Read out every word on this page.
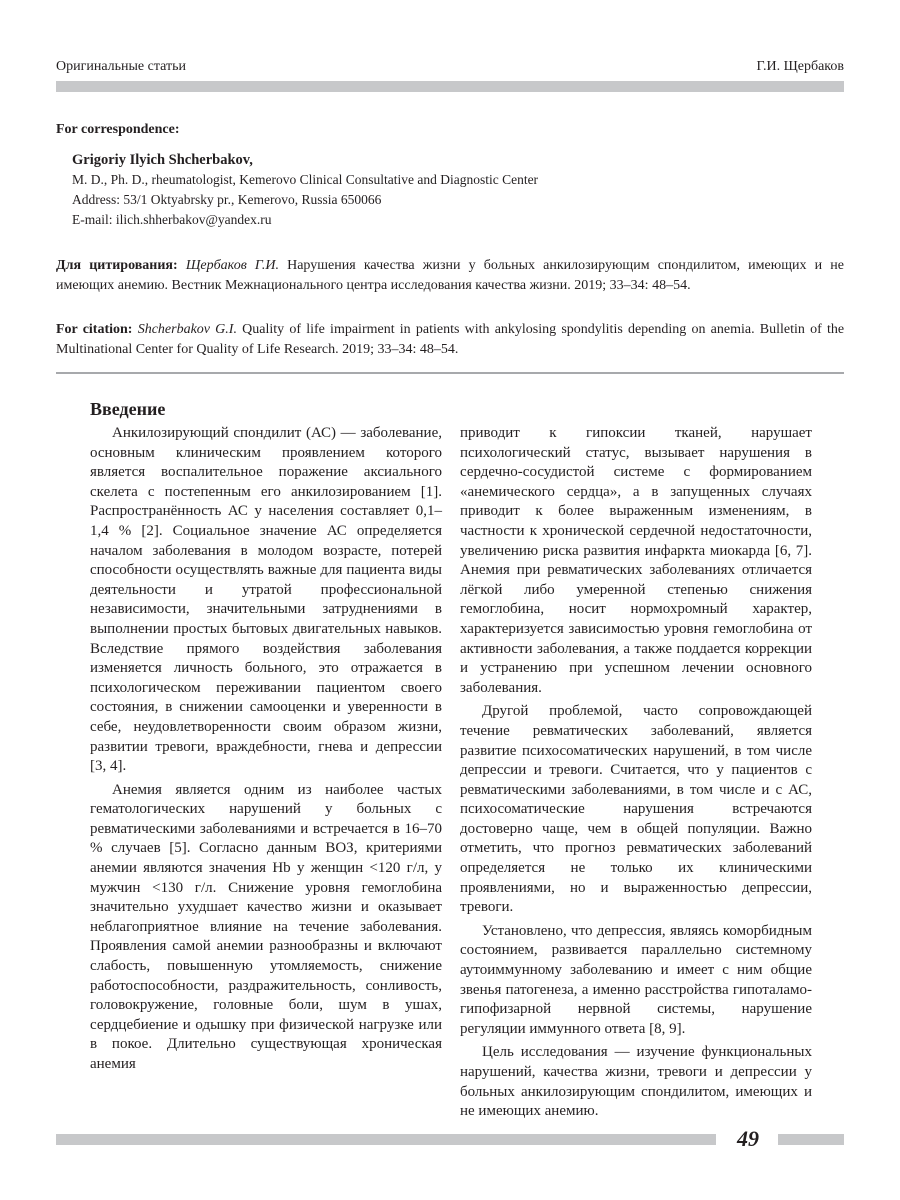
Оригинальные статьи	Г.И. Щербаков
For correspondence:
Grigoriy Ilyich Shcherbakov,
M. D., Ph. D., rheumatologist, Kemerovo Clinical Consultative and Diagnostic Center
Address: 53/1 Oktyabrsky pr., Kemerovo, Russia 650066
E-mail: ilich.shherbakov@yandex.ru
Для цитирования: Щербаков Г.И. Нарушения качества жизни у больных анкилозирующим спондилитом, имеющих и не имеющих анемию. Вестник Межнационального центра исследования качества жизни. 2019; 33–34: 48–54.
For citation: Shcherbakov G.I. Quality of life impairment in patients with ankylosing spondylitis depending on anemia. Bulletin of the Multinational Center for Quality of Life Research. 2019; 33–34: 48–54.

Введение

Анкилозирующий спондилит (АС) — заболевание, основным клиническим проявлением которого является воспалительное поражение аксиального скелета с постепенным его анкилозированием [1]. Распространённость АС у населения составляет 0,1–1,4 % [2]. Социальное значение АС определяется началом заболевания в молодом возрасте, потерей способности осуществлять важные для пациента виды деятельности и утратой профессиональной независимости, значительными затруднениями в выполнении простых бытовых двигательных навыков. Вследствие прямого воздействия заболевания изменяется личность больного, это отражается в психологическом переживании пациентом своего состояния, в снижении самооценки и уверенности в себе, неудовлетворенности своим образом жизни, развитии тревоги, враждебности, гнева и депрессии [3, 4].

Анемия является одним из наиболее частых гематологических нарушений у больных с ревматическими заболеваниями и встречается в 16–70 % случаев [5]. Согласно данным ВОЗ, критериями анемии являются значения Hb у женщин <120 г/л, у мужчин <130 г/л. Снижение уровня гемоглобина значительно ухудшает качество жизни и оказывает неблагоприятное влияние на течение заболевания. Проявления самой анемии разнообразны и включают слабость, повышенную утомляемость, снижение работоспособности, раздражительность, сонливость, головокружение, головные боли, шум в ушах, сердцебиение и одышку при физической нагрузке или в покое. Длительно существующая хроническая анемия

приводит к гипоксии тканей, нарушает психологический статус, вызывает нарушения в сердечно-сосудистой системе с формированием «анемического сердца», а в запущенных случаях приводит к более выраженным изменениям, в частности к хронической сердечной недостаточности, увеличению риска развития инфаркта миокарда [6, 7]. Анемия при ревматических заболеваниях отличается лёгкой либо умеренной степенью снижения гемоглобина, носит нормохромный характер, характеризуется зависимостью уровня гемоглобина от активности заболевания, а также поддается коррекции и устранению при успешном лечении основного заболевания.

Другой проблемой, часто сопровождающей течение ревматических заболеваний, является развитие психосоматических нарушений, в том числе депрессии и тревоги. Считается, что у пациентов с ревматическими заболеваниями, в том числе и с АС, психосоматические нарушения встречаются достоверно чаще, чем в общей популяции. Важно отметить, что прогноз ревматических заболеваний определяется не только их клиническими проявлениями, но и выраженностью депрессии, тревоги.

Установлено, что депрессия, являясь коморбидным состоянием, развивается параллельно системному аутоиммунному заболеванию и имеет с ним общие звенья патогенеза, а именно расстройства гипоталамо-гипофизарной нервной системы, нарушение регуляции иммунного ответа [8, 9].

Цель исследования — изучение функциональных нарушений, качества жизни, тревоги и депрессии у больных анкилозирующим спондилитом, имеющих и не имеющих анемию.

49
